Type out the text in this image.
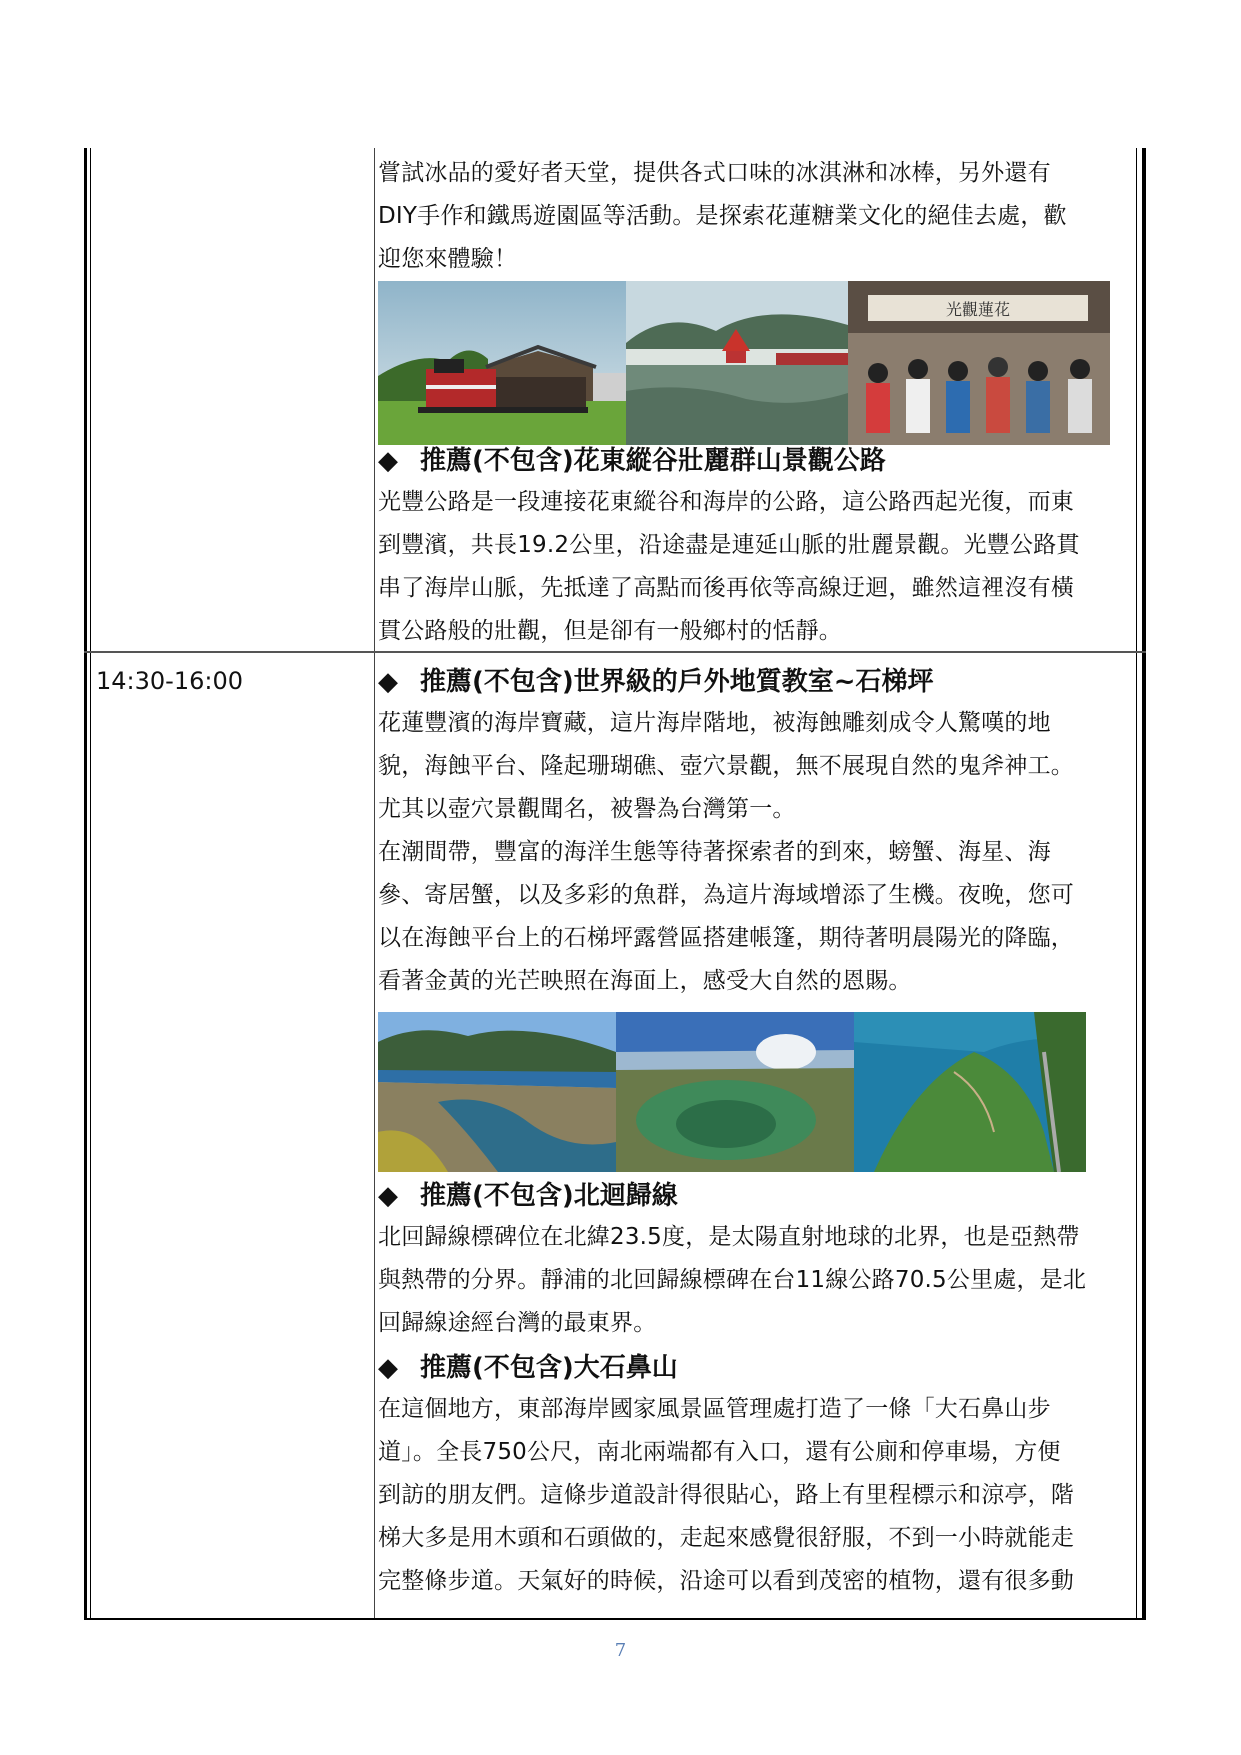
嘗試冰品的愛好者天堂，提供各式口味的冰淇淋和冰棒，另外還有

DIY手作和鐵馬遊園區等活動。是探索花蓮糖業文化的絕佳去處，歡

迎您來體驗！

光觀蓮花

◆ 推薦(不包含)花東縱谷壯麗群山景觀公路

光豐公路是一段連接花東縱谷和海岸的公路，這公路西起光復，而東

到豐濱，共長19.2公里，沿途盡是連延山脈的壯麗景觀。光豐公路貫

串了海岸山脈，先抵達了高點而後再依等高線迂迴，雖然這裡沒有橫

貫公路般的壯觀，但是卻有一般鄉村的恬靜。

14:30-16:00	◆ 推薦(不包含)世界級的戶外地質教室~石梯坪

花蓮豐濱的海岸寶藏，這片海岸階地，被海蝕雕刻成令人驚嘆的地

貌，海蝕平台、隆起珊瑚礁、壺穴景觀，無不展現自然的鬼斧神工。

尤其以壺穴景觀聞名，被譽為台灣第一。

在潮間帶，豐富的海洋生態等待著探索者的到來，螃蟹、海星、海

參、寄居蟹，以及多彩的魚群，為這片海域增添了生機。夜晚，您可

以在海蝕平台上的石梯坪露營區搭建帳篷，期待著明晨陽光的降臨，

看著金黃的光芒映照在海面上，感受大自然的恩賜。

◆ 推薦(不包含)北迴歸線

北回歸線標碑位在北緯23.5度，是太陽直射地球的北界，也是亞熱帶

與熱帶的分界。靜浦的北回歸線標碑在台11線公路70.5公里處，是北

回歸線途經台灣的最東界。

◆ 推薦(不包含)大石鼻山

在這個地方，東部海岸國家風景區管理處打造了一條「大石鼻山步

道」。全長750公尺，南北兩端都有入口，還有公廁和停車場，方便

到訪的朋友們。這條步道設計得很貼心，路上有里程標示和涼亭，階

梯大多是用木頭和石頭做的，走起來感覺很舒服，不到一小時就能走

完整條步道。天氣好的時候，沿途可以看到茂密的植物，還有很多動

7
